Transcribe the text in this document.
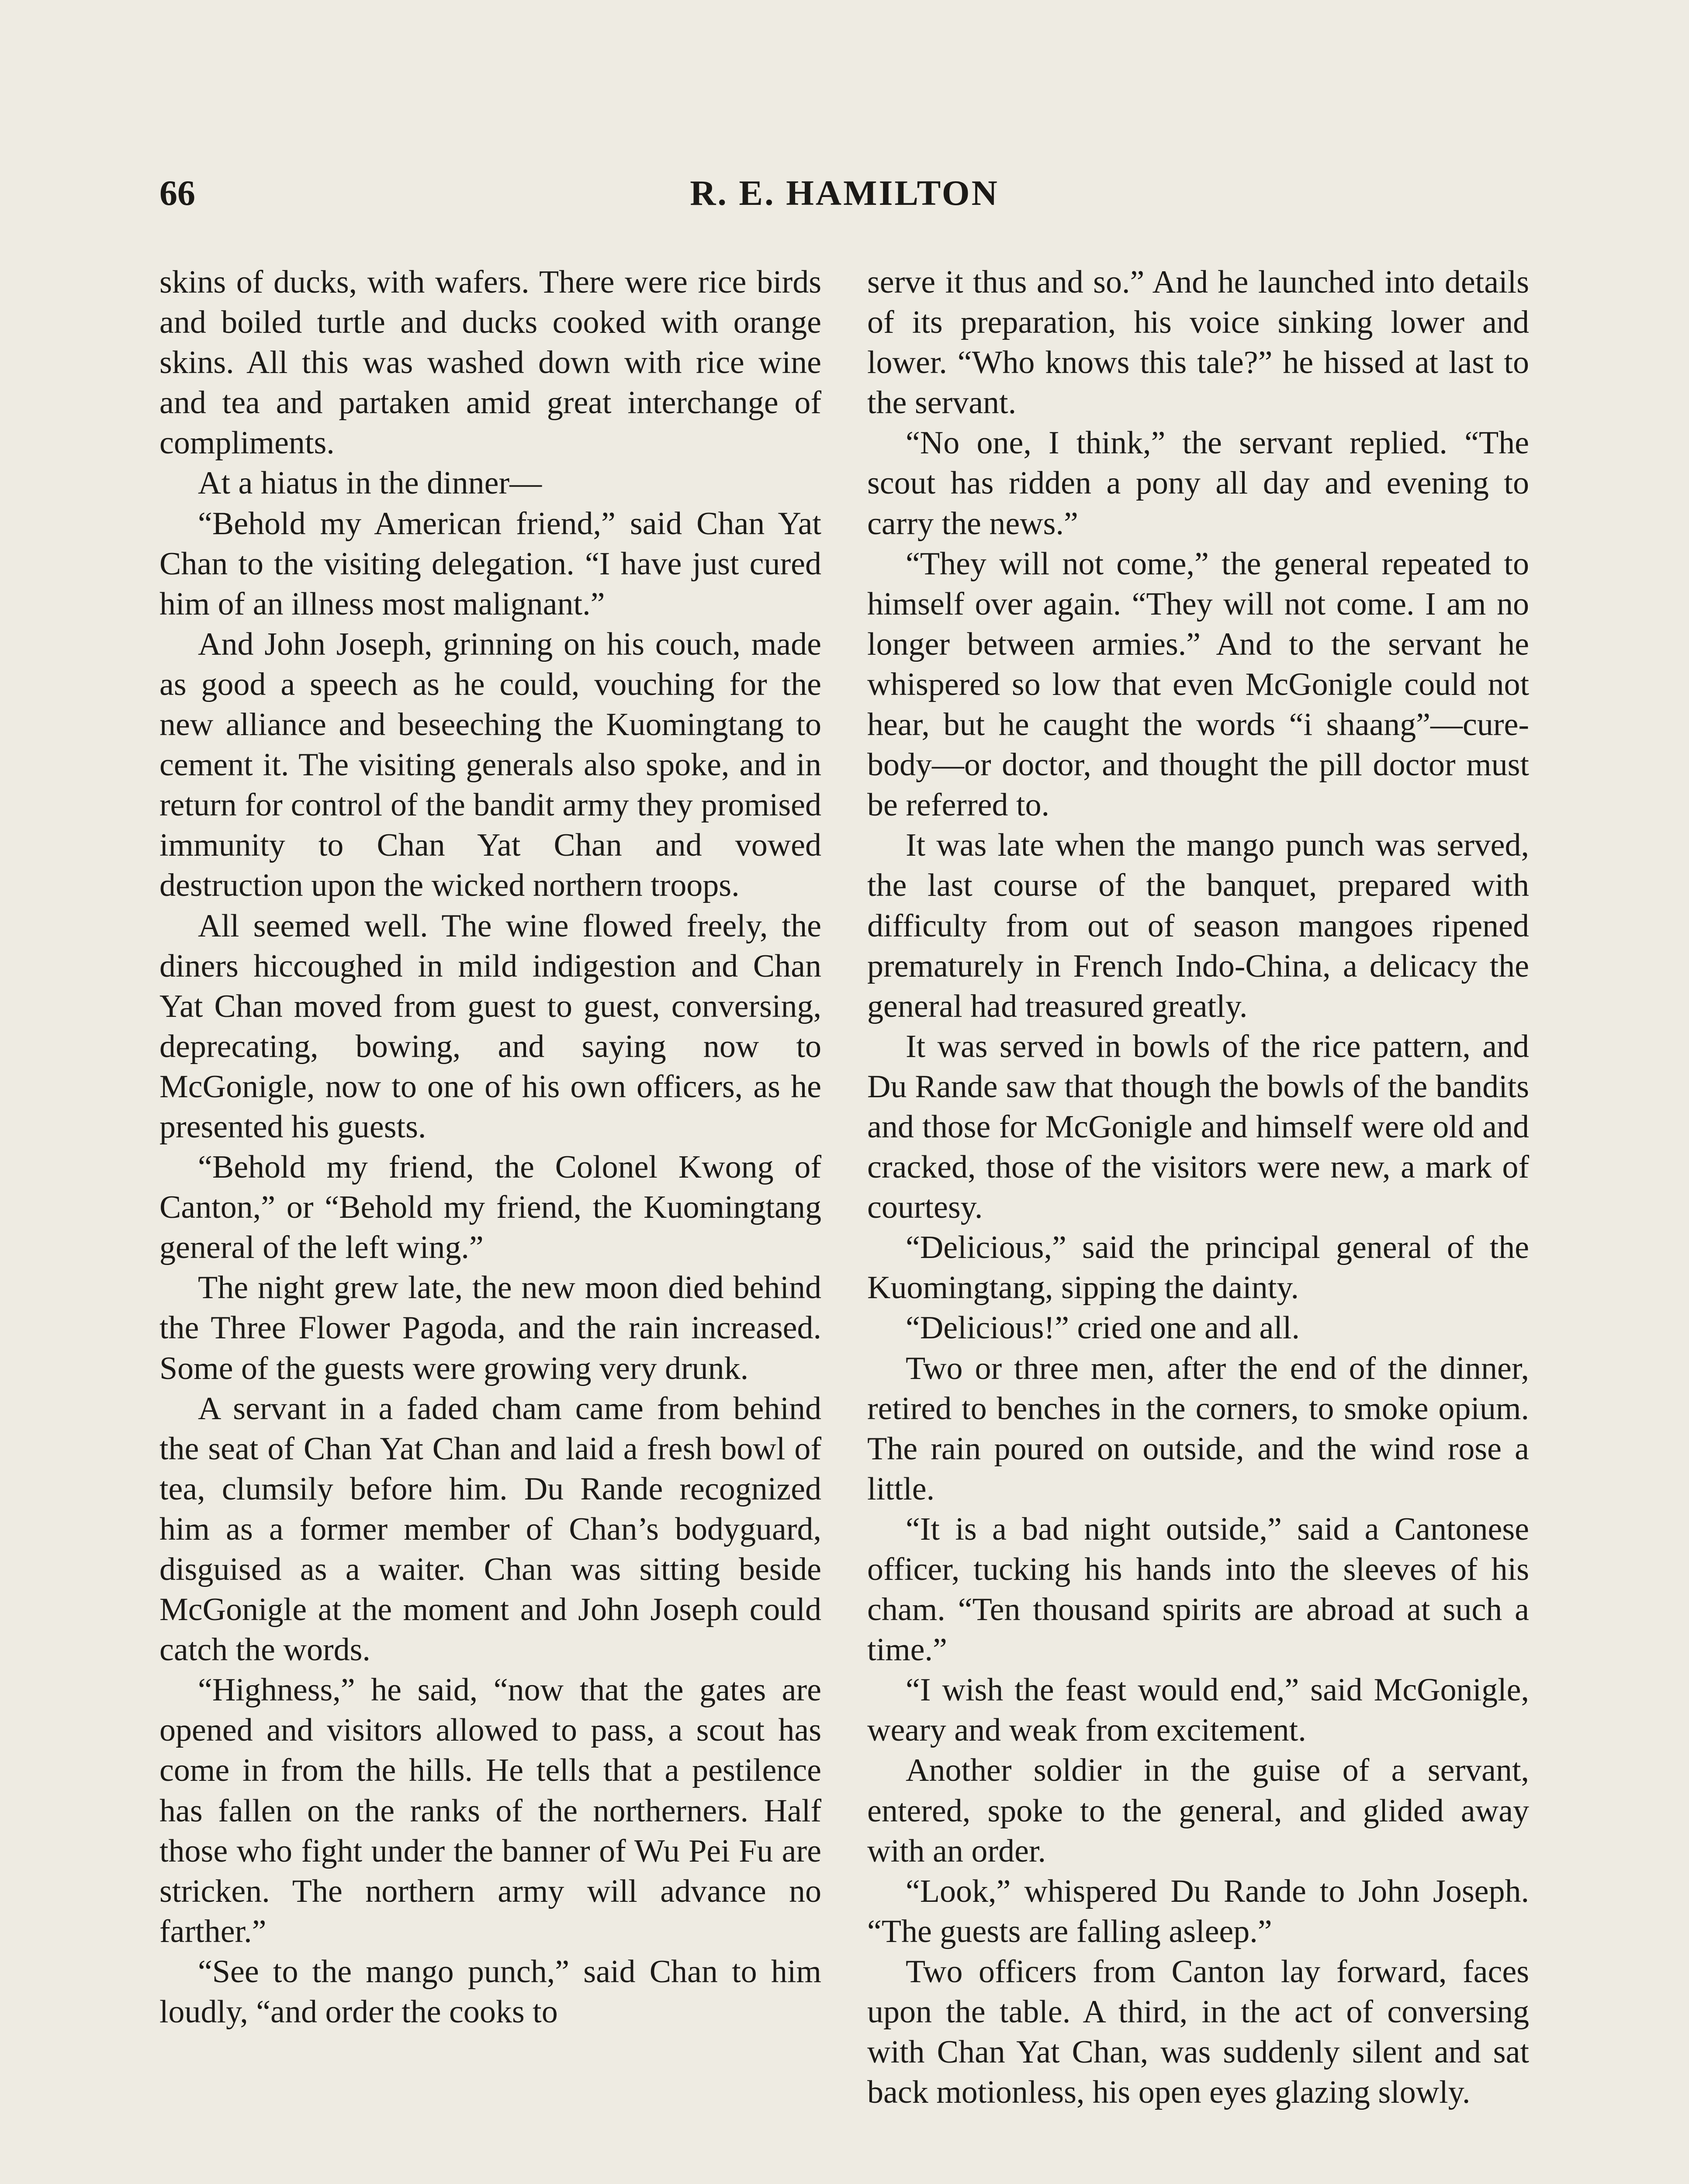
66	R. E. HAMILTON

skins of ducks, with wafers. There were rice birds and boiled turtle and ducks cooked with orange skins. All this was washed down with rice wine and tea and partaken amid great interchange of compliments.

At a hiatus in the dinner—

“Behold my American friend,” said Chan Yat Chan to the visiting delegation. “I have just cured him of an illness most malignant.”

And John Joseph, grinning on his couch, made as good a speech as he could, vouching for the new alliance and beseeching the Kuomingtang to cement it. The visiting generals also spoke, and in return for control of the bandit army they promised immunity to Chan Yat Chan and vowed destruction upon the wicked northern troops.

All seemed well. The wine flowed freely, the diners hiccoughed in mild indigestion and Chan Yat Chan moved from guest to guest, conversing, deprecating, bowing, and saying now to McGonigle, now to one of his own officers, as he presented his guests.

“Behold my friend, the Colonel Kwong of Canton,” or “Behold my friend, the Kuomingtang general of the left wing.”

The night grew late, the new moon died behind the Three Flower Pagoda, and the rain increased. Some of the guests were growing very drunk.

A servant in a faded cham came from behind the seat of Chan Yat Chan and laid a fresh bowl of tea, clumsily before him. Du Rande recognized him as a former member of Chan’s bodyguard, disguised as a waiter. Chan was sitting beside McGonigle at the moment and John Joseph could catch the words.

“Highness,” he said, “now that the gates are opened and visitors allowed to pass, a scout has come in from the hills. He tells that a pestilence has fallen on the ranks of the northerners. Half those who fight under the banner of Wu Pei Fu are stricken. The northern army will advance no farther.”

“See to the mango punch,” said Chan to him loudly, “and order the cooks to

serve it thus and so.” And he launched into details of its preparation, his voice sinking lower and lower. “Who knows this tale?” he hissed at last to the servant.

“No one, I think,” the servant replied. “The scout has ridden a pony all day and evening to carry the news.”

“They will not come,” the general repeated to himself over again. “They will not come. I am no longer between armies.” And to the servant he whispered so low that even McGonigle could not hear, but he caught the words “i shaang”—cure-body—or doctor, and thought the pill doctor must be referred to.

It was late when the mango punch was served, the last course of the banquet, prepared with difficulty from out of season mangoes ripened prematurely in French Indo-China, a delicacy the general had treasured greatly.

It was served in bowls of the rice pattern, and Du Rande saw that though the bowls of the bandits and those for McGonigle and himself were old and cracked, those of the visitors were new, a mark of courtesy.

“Delicious,” said the principal general of the Kuomingtang, sipping the dainty.

“Delicious!” cried one and all.

Two or three men, after the end of the dinner, retired to benches in the corners, to smoke opium. The rain poured on outside, and the wind rose a little.

“It is a bad night outside,” said a Cantonese officer, tucking his hands into the sleeves of his cham. “Ten thousand spirits are abroad at such a time.”

“I wish the feast would end,” said McGonigle, weary and weak from excitement.

Another soldier in the guise of a servant, entered, spoke to the general, and glided away with an order.

“Look,” whispered Du Rande to John Joseph. “The guests are falling asleep.”

Two officers from Canton lay forward, faces upon the table. A third, in the act of conversing with Chan Yat Chan, was suddenly silent and sat back motionless, his open eyes glazing slowly.
